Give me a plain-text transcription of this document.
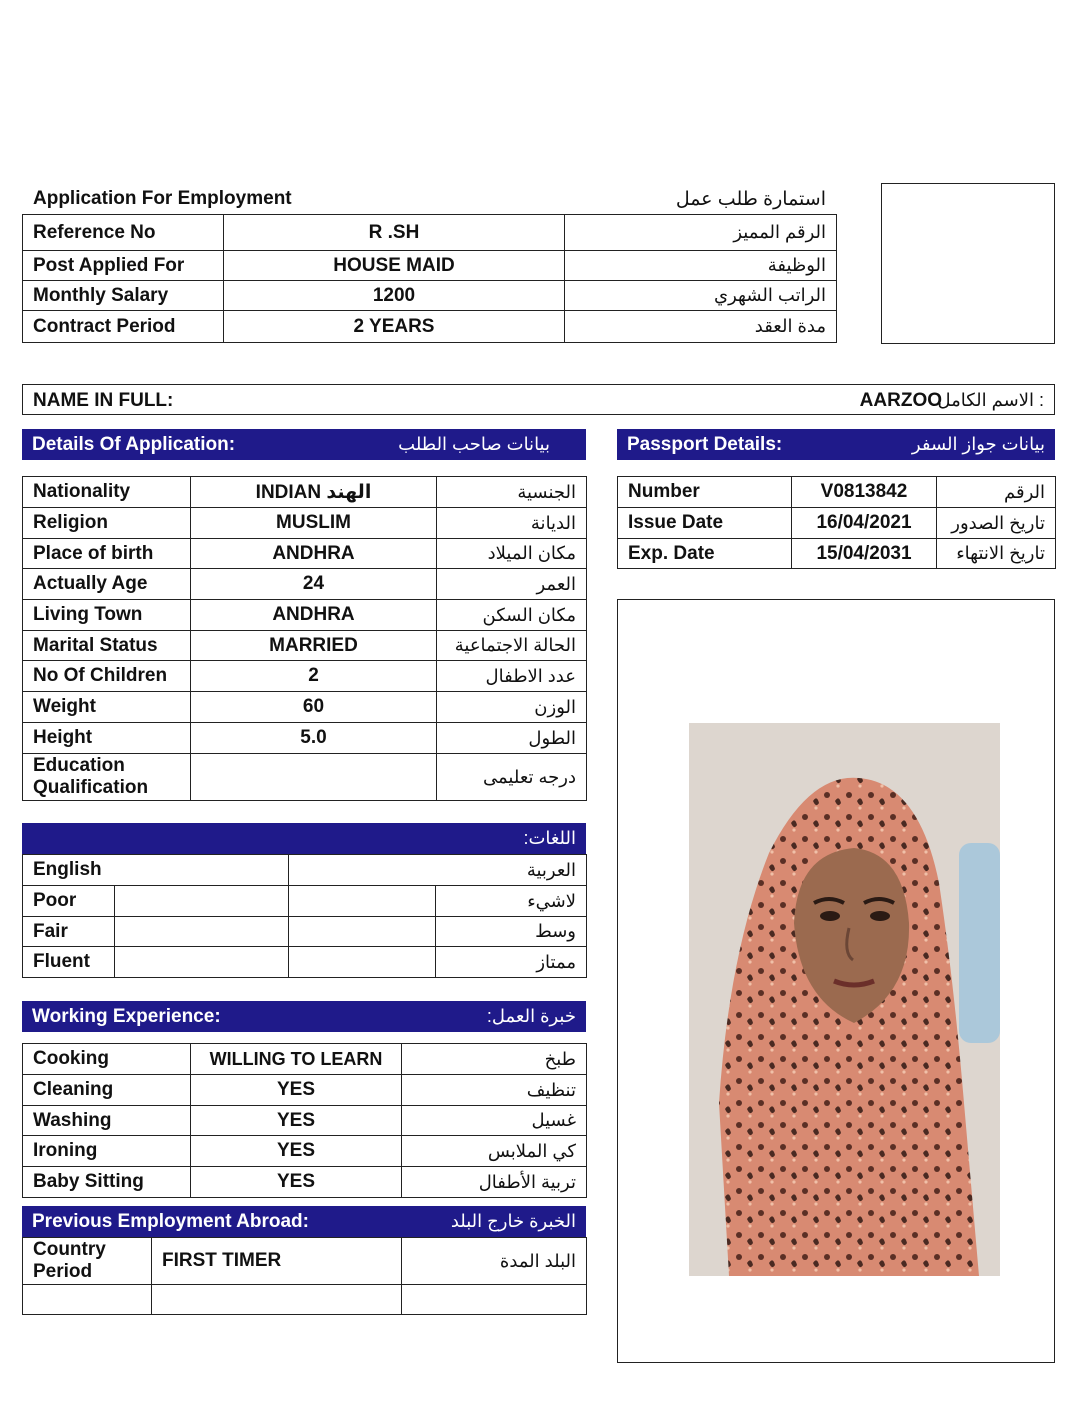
Application For Employment	استمارة طلب عمل
Reference No	R .SH	الرقم المميز
Post Applied For	HOUSE MAID	الوظيفة
Monthly Salary	1200	الراتب الشهري
Contract Period	2 YEARS	مدة العقد
NAME IN FULL:	: الاسم الكامل
AARZOO
Details Of Application:	بيانات صاحب الطلب	Passport Details:	بيانات جواز السفر
Nationality	INDIAN الهند	الجنسية
Religion	MUSLIM	الديانة
Place of birth	ANDHRA	مكان الميلاد
Actually Age	24	العمر
Living Town	ANDHRA	مكان السكن
Marital Status	MARRIED	الحالة الاجتماعية
No Of Children	2	عدد الاطفال
Weight	60	الوزن
Height	5.0	الطول
Education
Qualification		درجه تعليمى
Number	V0813842	الرقم
Issue Date	16/04/2021	تاريخ الصدور
Exp. Date	15/04/2031	تاريخ الانتهاء
اللغات:
English		العربية	
Poor			لاشيء
Fair			وسط
Fluent			ممتاز
Working Experience:	خبرة العمل:
Cooking	WILLING TO LEARN	طبخ
Cleaning	YES	تنظيف
Washing	YES	غسيل
Ironing	YES	كي الملابس
Baby Sitting	YES	تربية الأطفال
Previous Employment Abroad:	الخبرة خارج البلد
Country
Period	FIRST TIMER	البلد المدة
